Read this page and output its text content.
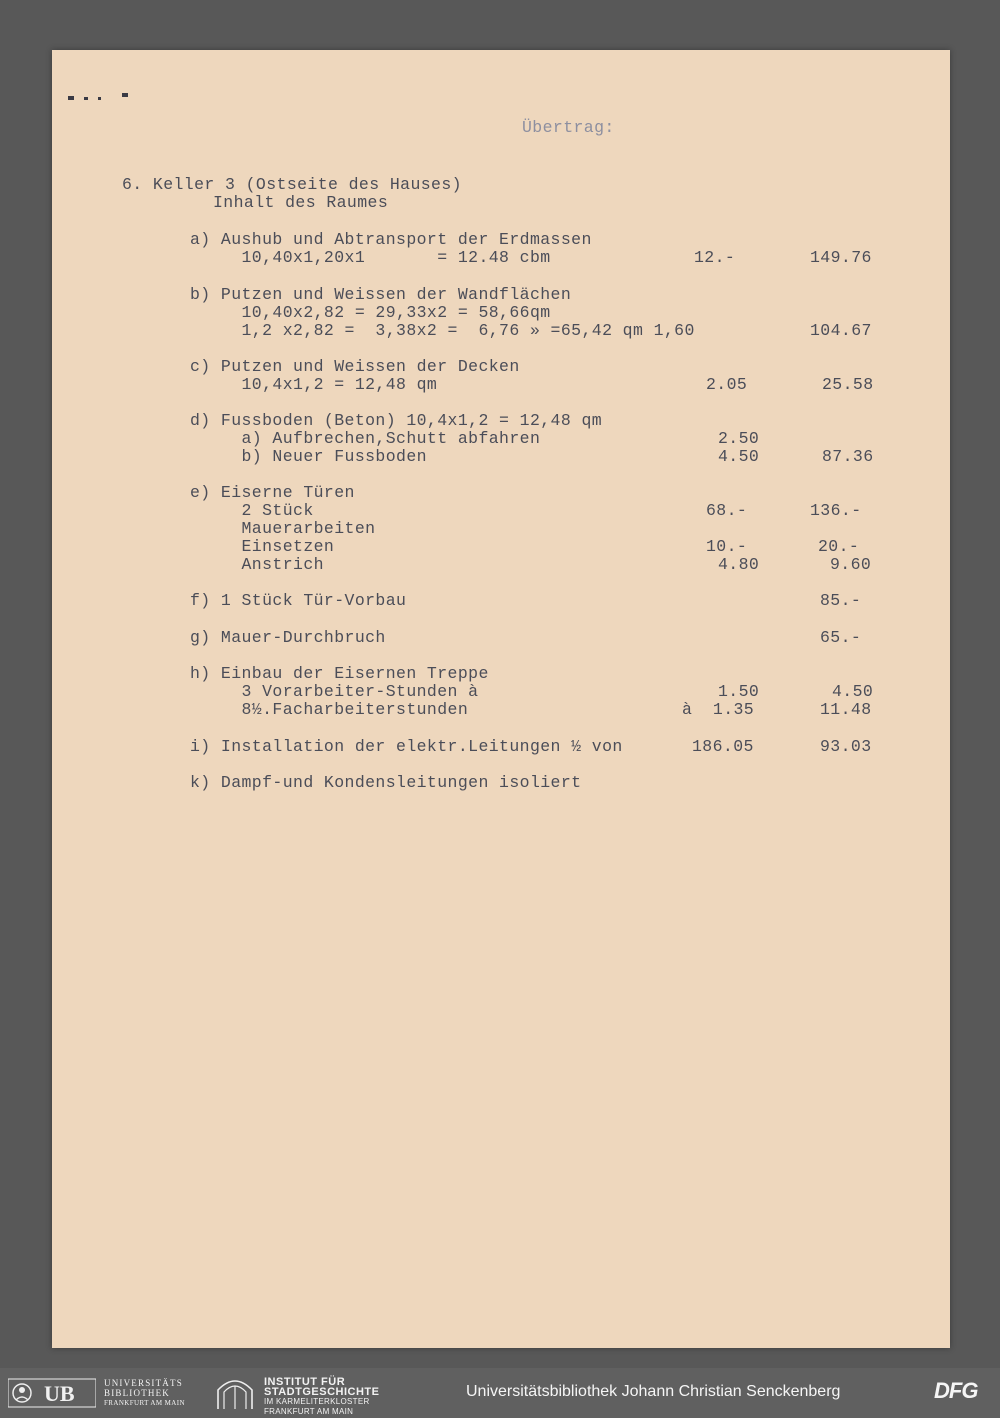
Übertrag:
6. Keller 3 (Ostseite des Hauses)
Inhalt des Raumes
a) Aushub und Abtransport der Erdmassen
10,40x1,20x1       = 12.48 cbm	12.-	149.76
b) Putzen und Weissen der Wandflächen
10,40x2,82 = 29,33x2 = 58,66qm
1,2 x2,82 =  3,38x2 =  6,76 » =65,42 qm 1,60	104.67
c) Putzen und Weissen der Decken
10,4x1,2 = 12,48 qm	2.05	25.58
d) Fussboden (Beton) 10,4x1,2 = 12,48 qm
a) Aufbrechen,Schutt abfahren	2.50
b) Neuer Fussboden	4.50	87.36
e) Eiserne Türen
2 Stück	68.-	136.-
Mauerarbeiten
Einsetzen	10.-	20.-
Anstrich	4.80	9.60
f) 1 Stück Tür-Vorbau	85.-
g) Mauer-Durchbruch	65.-
h) Einbau der Eisernen Treppe
3 Vorarbeiter-Stunden à	1.50	4.50
8½.Facharbeiterstunden	à  1.35	11.48
i) Installation der elektr.Leitungen ½ von	186.05	93.03
k) Dampf-und Kondensleitungen isoliert
UB	UNIVERSITÄTS
BIBLIOTHEK
FRANKFURT AM MAIN
INSTITUT FÜR
STADTGESCHICHTE
IM KARMELITERKLOSTER
FRANKFURT AM MAIN
Universitätsbibliothek Johann Christian Senckenberg	DFG
